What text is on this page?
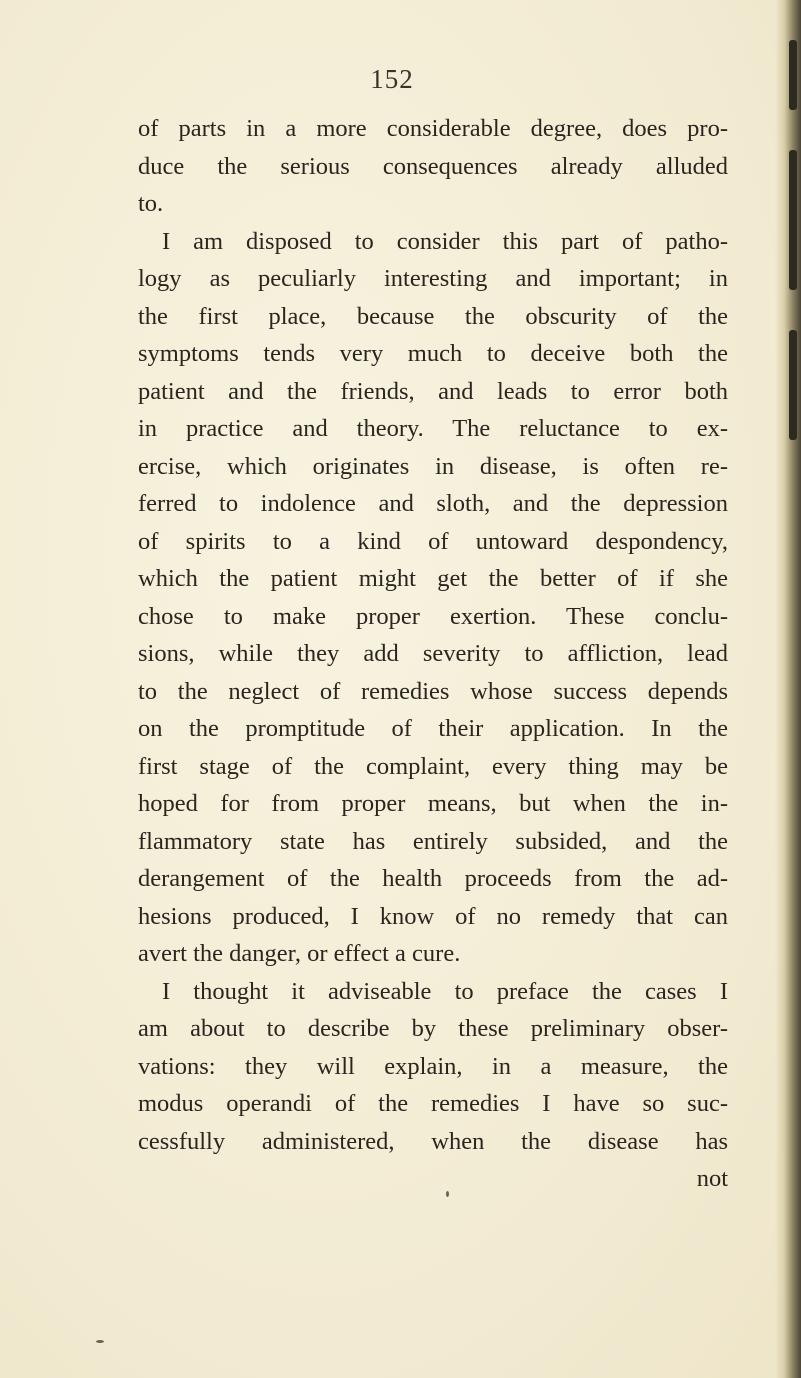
152
of parts in a more considerable degree, does pro-
duce the serious consequences already alluded
to.
I am disposed to consider this part of patho-
logy as peculiarly interesting and important; in
the first place, because the obscurity of the
symptoms tends very much to deceive both the
patient and the friends, and leads to error both
in practice and theory. The reluctance to ex-
ercise, which originates in disease, is often re-
ferred to indolence and sloth, and the depression
of spirits to a kind of untoward despondency,
which the patient might get the better of if she
chose to make proper exertion. These conclu-
sions, while they add severity to affliction, lead
to the neglect of remedies whose success depends
on the promptitude of their application. In the
first stage of the complaint, every thing may be
hoped for from proper means, but when the in-
flammatory state has entirely subsided, and the
derangement of the health proceeds from the ad-
hesions produced, I know of no remedy that can
avert the danger, or effect a cure.
I thought it adviseable to preface the cases I
am about to describe by these preliminary obser-
vations: they will explain, in a measure, the
modus operandi of the remedies I have so suc-
cessfully administered, when the disease has
not
